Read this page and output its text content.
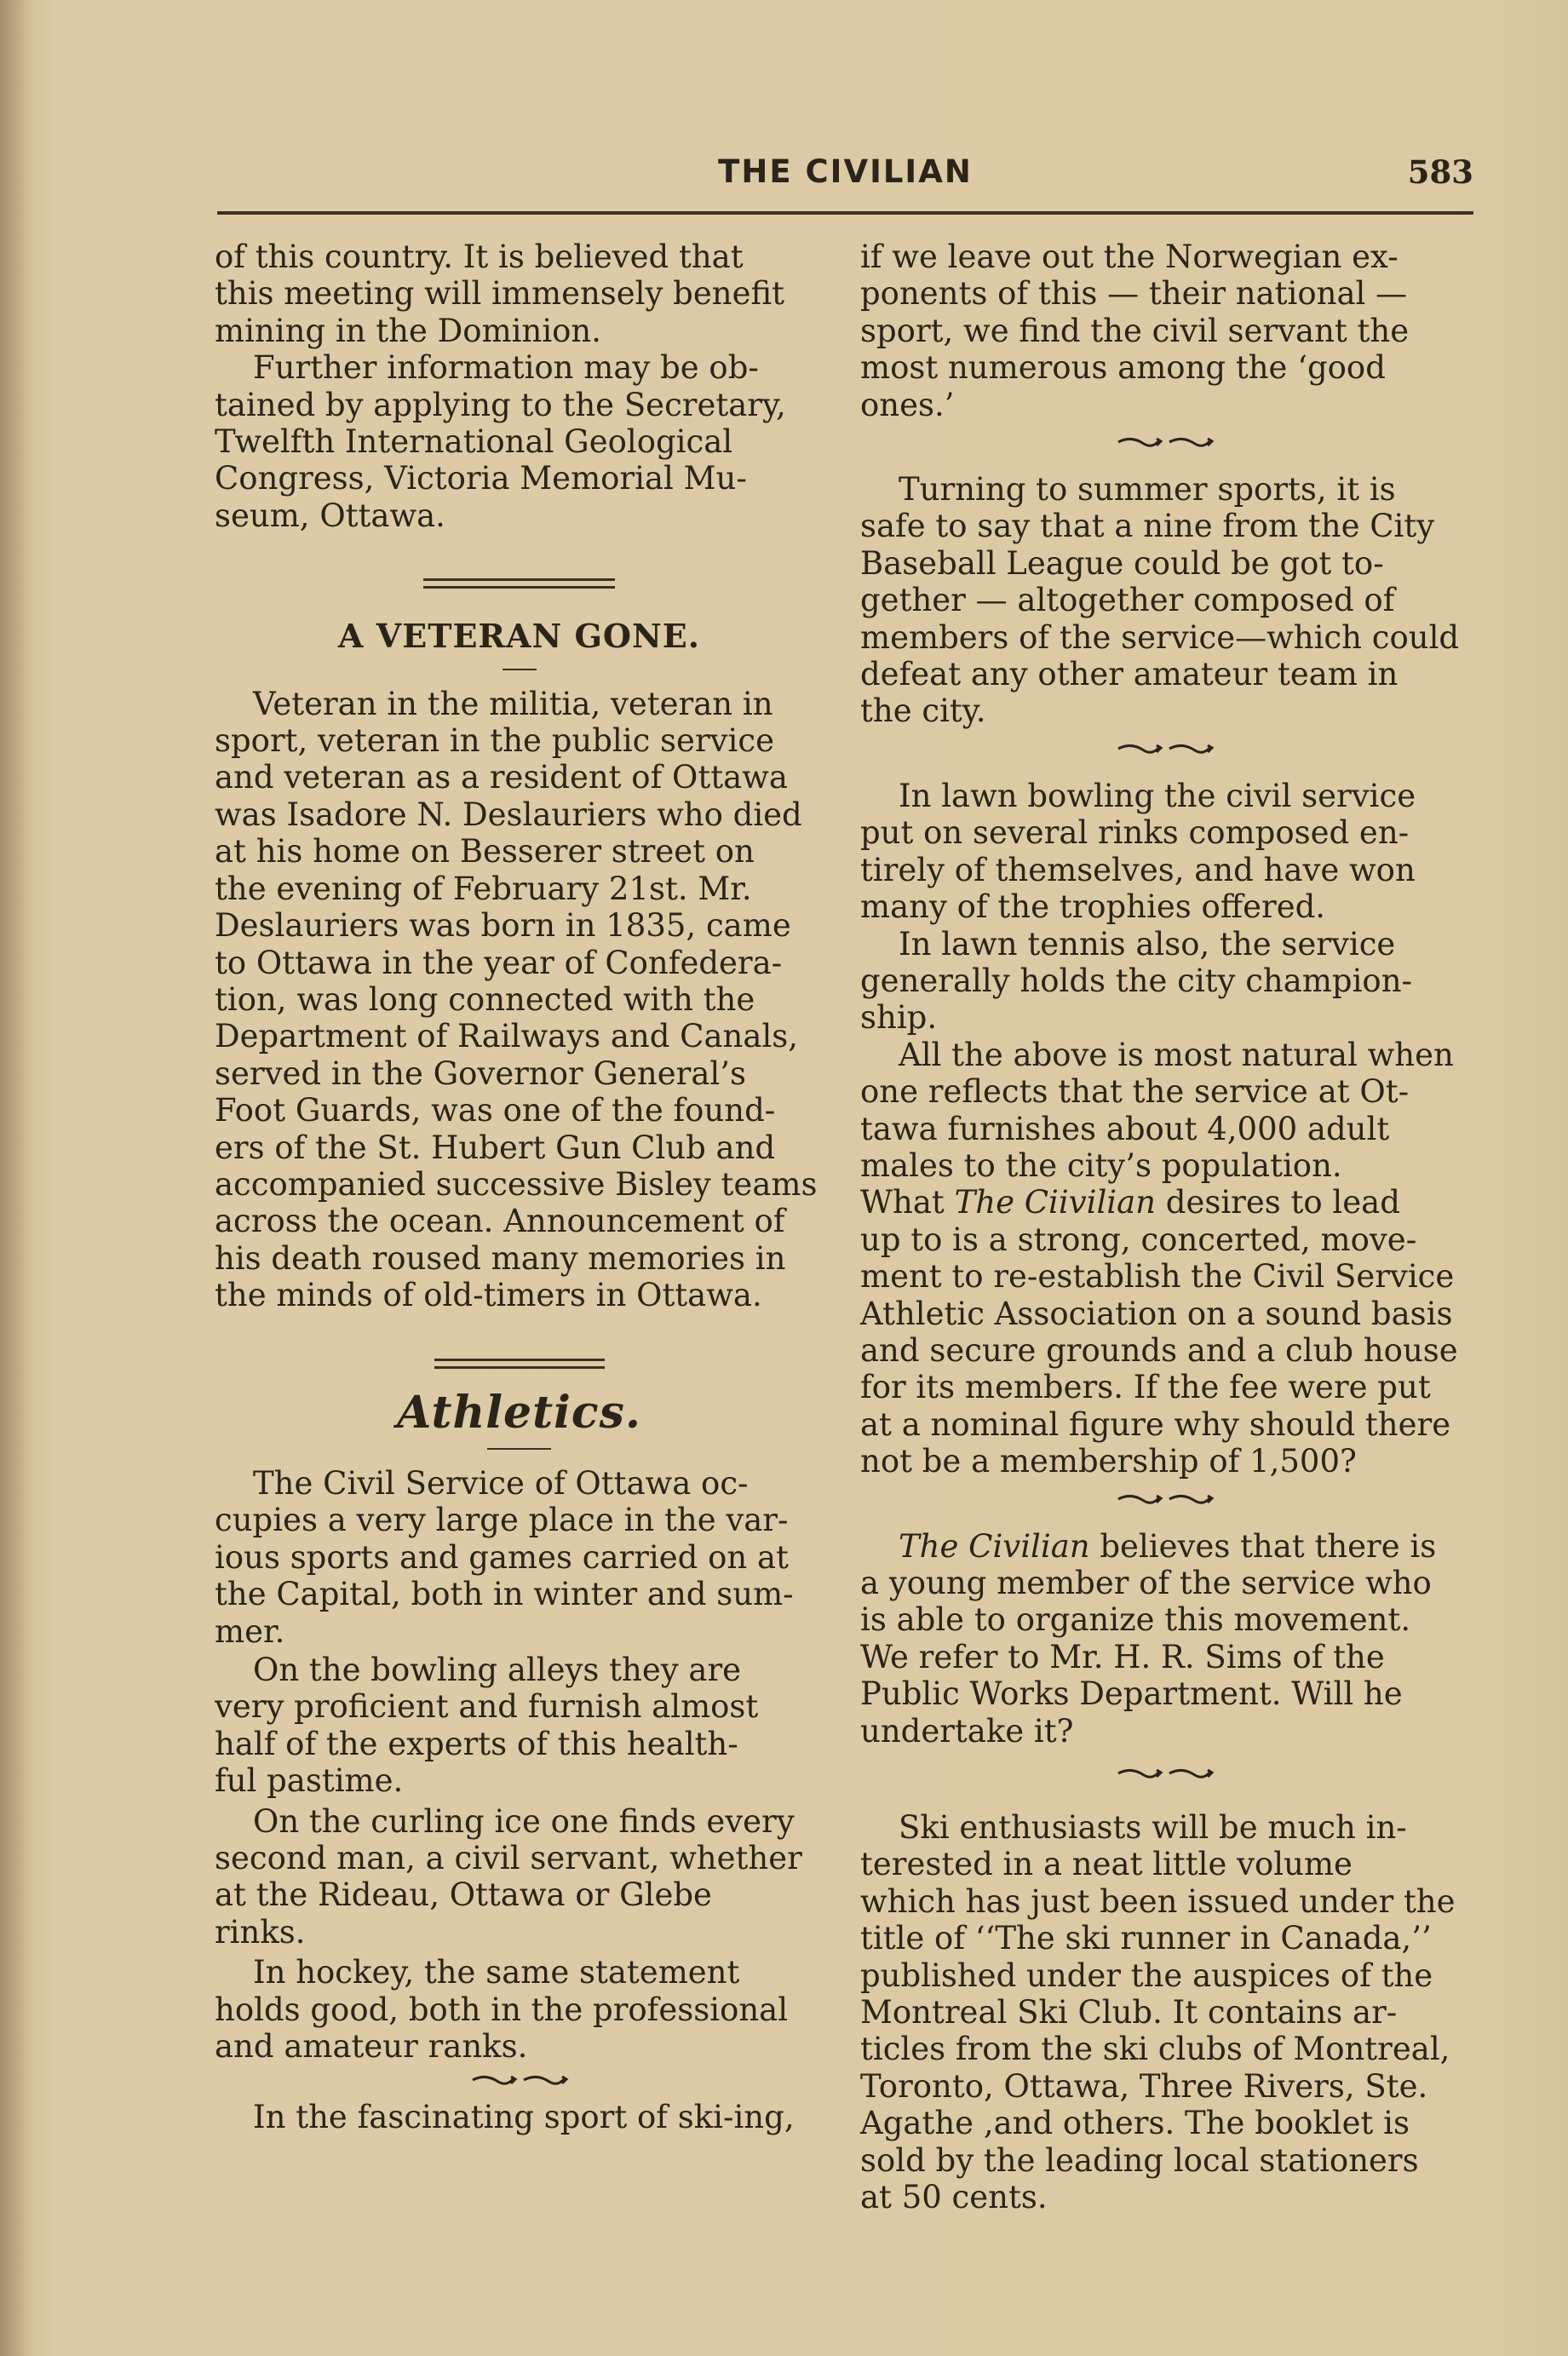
THE CIVILIAN	583

of this country. It is believed that
this meeting will immensely benefit
mining in the Dominion.

Further information may be ob-
tained by applying to the Secretary,
Twelfth International Geological
Congress, Victoria Memorial Mu-
seum, Ottawa.

A VETERAN GONE.

Veteran in the militia, veteran in
sport, veteran in the public service
and veteran as a resident of Ottawa
was Isadore N. Deslauriers who died
at his home on Besserer street on
the evening of February 21st. Mr.
Deslauriers was born in 1835, came
to Ottawa in the year of Confedera-
tion, was long connected with the
Department of Railways and Canals,
served in the Governor General’s
Foot Guards, was one of the found-
ers of the St. Hubert Gun Club and
accompanied successive Bisley teams
across the ocean. Announcement of
his death roused many memories in
the minds of old-timers in Ottawa.

Athletics.

The Civil Service of Ottawa oc-
cupies a very large place in the var-
ious sports and games carried on at
the Capital, both in winter and sum-
mer.

On the bowling alleys they are
very proficient and furnish almost
half of the experts of this health-
ful pastime.

On the curling ice one finds every
second man, a civil servant, whether
at the Rideau, Ottawa or Glebe
rinks.

In hockey, the same statement
holds good, both in the professional
and amateur ranks.

In the fascinating sport of ski-ing,

if we leave out the Norwegian ex-
ponents of this — their national —
sport, we find the civil servant the
most numerous among the ‘good
ones.’

Turning to summer sports, it is
safe to say that a nine from the City
Baseball League could be got to-
gether — altogether composed of
members of the service—which could
defeat any other amateur team in
the city.

In lawn bowling the civil service
put on several rinks composed en-
tirely of themselves, and have won
many of the trophies offered.

In lawn tennis also, the service
generally holds the city champion-
ship.

All the above is most natural when
one reflects that the service at Ot-
tawa furnishes about 4,000 adult
males to the city’s population.
What The Ciivilian desires to lead
up to is a strong, concerted, move-
ment to re-establish the Civil Service
Athletic Association on a sound basis
and secure grounds and a club house
for its members. If the fee were put
at a nominal figure why should there
not be a membership of 1,500?

The Civilian believes that there is
a young member of the service who
is able to organize this movement.
We refer to Mr. H. R. Sims of the
Public Works Department. Will he
undertake it?

Ski enthusiasts will be much in-
terested in a neat little volume
which has just been issued under the
title of ‘‘The ski runner in Canada,’’
published under the auspices of the
Montreal Ski Club. It contains ar-
ticles from the ski clubs of Montreal,
Toronto, Ottawa, Three Rivers, Ste.
Agathe ,and others. The booklet is
sold by the leading local stationers
at 50 cents.
